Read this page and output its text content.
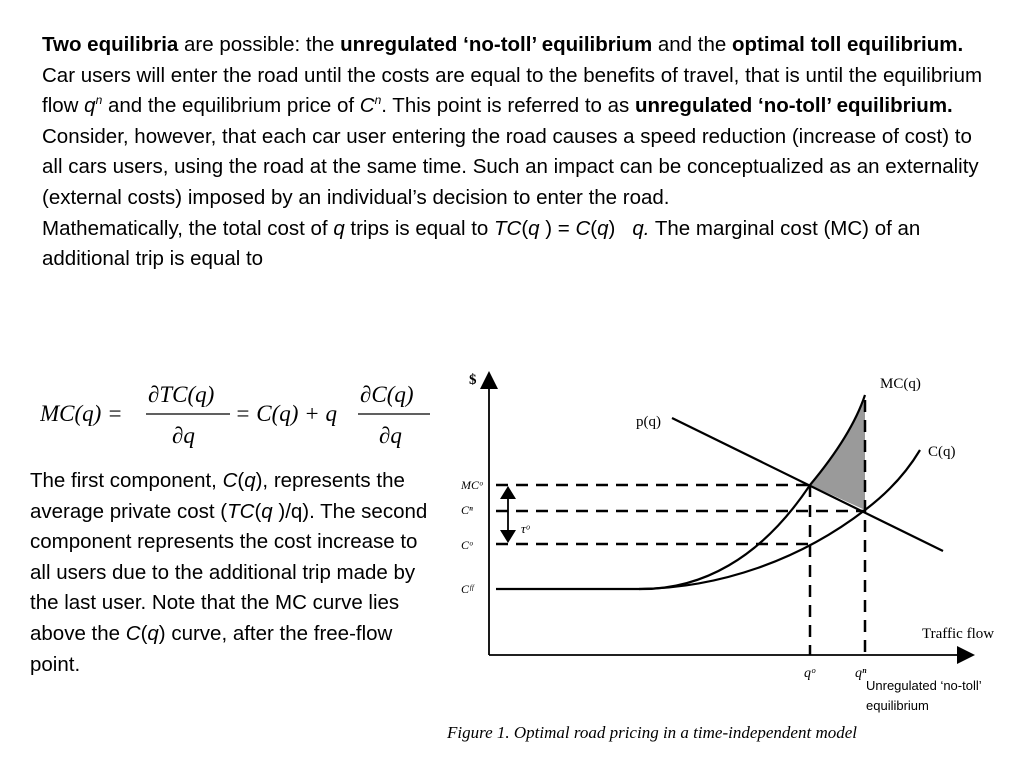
Two equilibria are possible: the unregulated ‘no-toll’ equilibrium and the optimal toll equilibrium.

Car users will enter the road until the costs are equal to the benefits of travel, that is until the equilibrium flow $q^n$ and the equilibrium price of $C^n$. This point is referred to as unregulated ‘no-toll’ equilibrium.

Consider, however, that each car user entering the road causes a speed reduction (increase of cost) to all cars users, using the road at the same time. Such an impact can be conceptualized as an externality (external costs) imposed by an individual’s decision to enter the road.

Mathematically, the total cost of q trips is equal to TC(q ) = C(q)   q. The marginal cost (MC) of an additional trip is equal to

MC(q) =
∂TC(q)
∂q
= C(q) + q
∂C(q)
∂q

The first component, C(q), represents the average private cost (TC(q )/q). The second component represents the cost increase to all users due to the additional trip made by the last user. Note that the MC curve lies above the C(q) curve, after the free-flow point.

$
Traffic flow
MC(q)
p(q)
C(q)
MCᵒ
Cⁿ
Cᵒ
Cᶠᶠ
τᵒ
qᵒ	qⁿ
Figure 1. Optimal road pricing in a time-independent model
Unregulated ‘no-toll’ equilibrium
